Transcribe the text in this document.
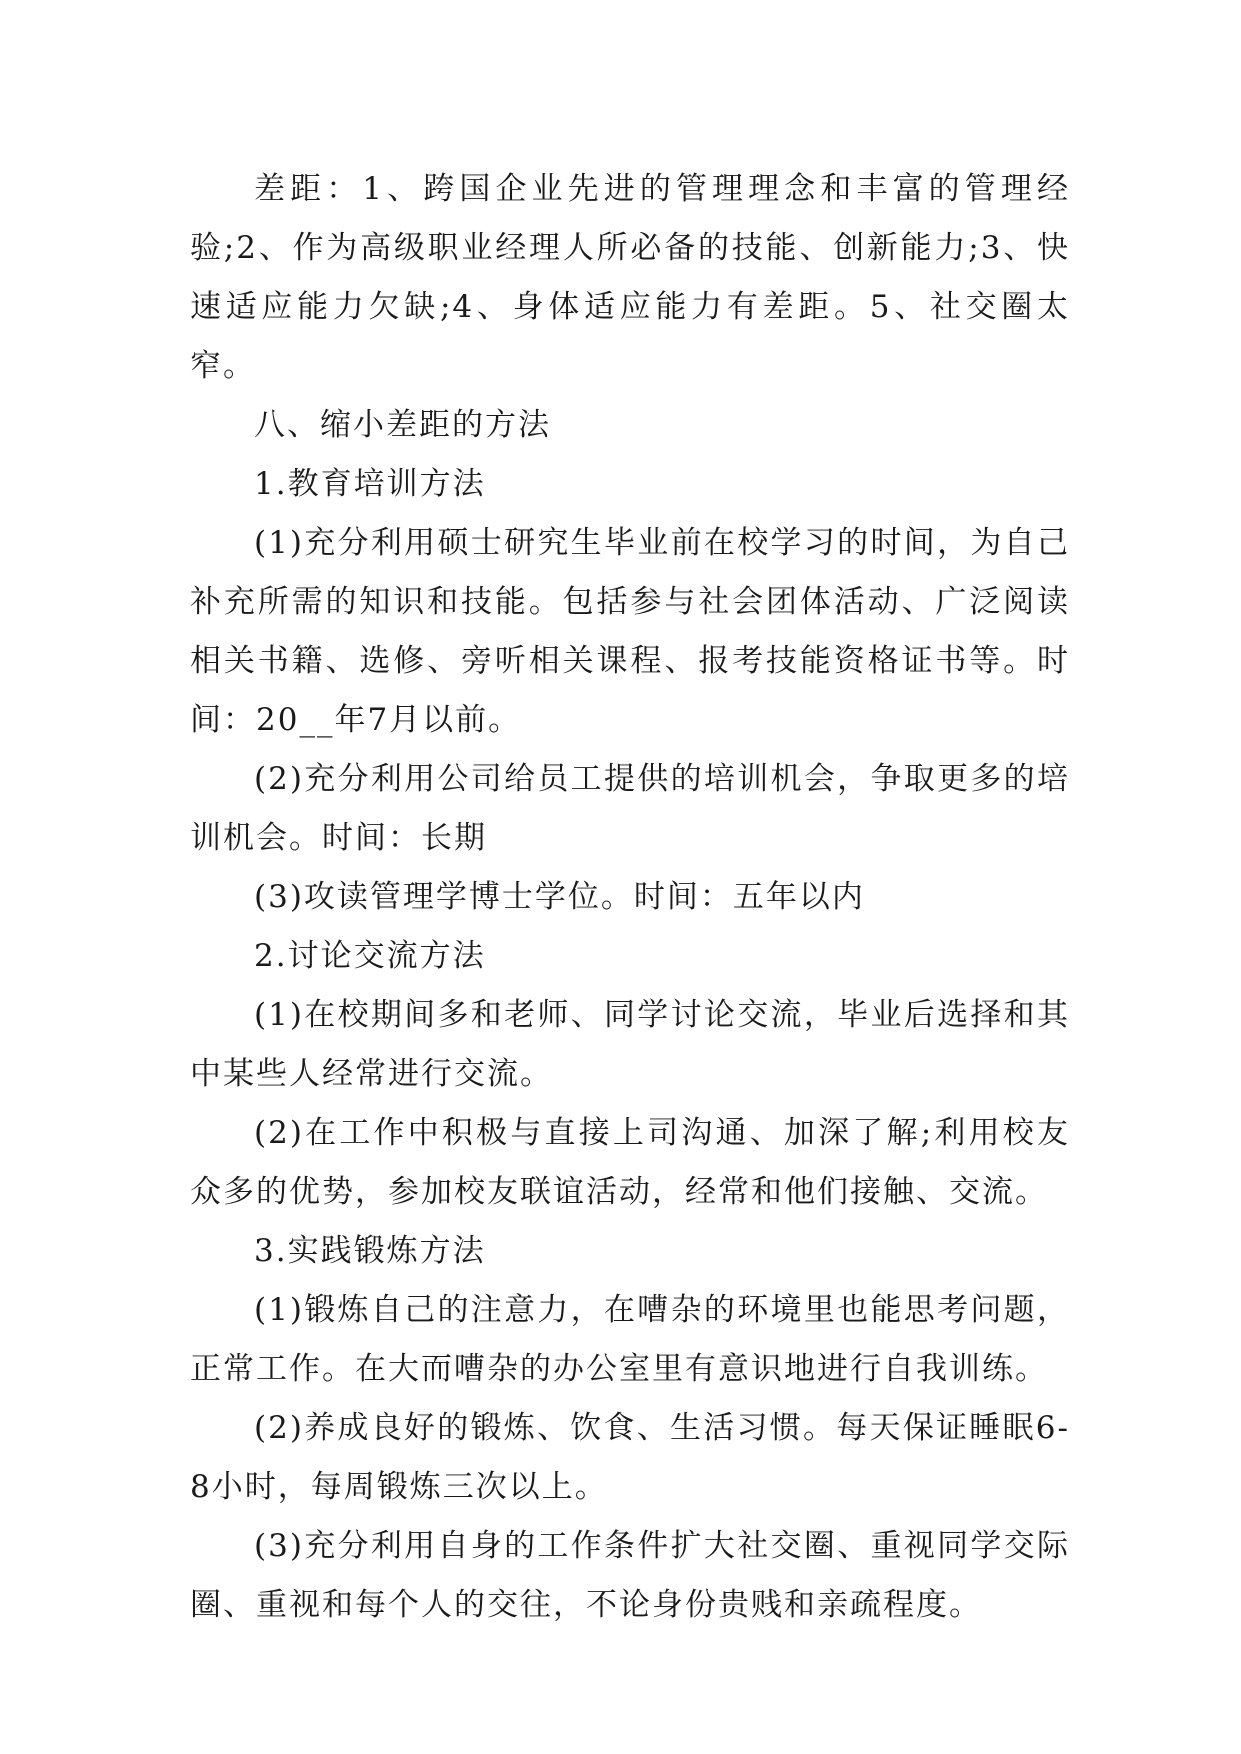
差距：1、跨国企业先进的管理理念和丰富的管理经验;2、作为高级职业经理人所必备的技能、创新能力;3、快速适应能力欠缺;4、身体适应能力有差距。5、社交圈太窄。

八、缩小差距的方法

1.教育培训方法

(1)充分利用硕士研究生毕业前在校学习的时间，为自己补充所需的知识和技能。包括参与社会团体活动、广泛阅读相关书籍、选修、旁听相关课程、报考技能资格证书等。时间：20__年7月以前。

(2)充分利用公司给员工提供的培训机会，争取更多的培训机会。时间：长期

(3)攻读管理学博士学位。时间：五年以内

2.讨论交流方法

(1)在校期间多和老师、同学讨论交流，毕业后选择和其中某些人经常进行交流。

(2)在工作中积极与直接上司沟通、加深了解;利用校友众多的优势，参加校友联谊活动，经常和他们接触、交流。

3.实践锻炼方法

(1)锻炼自己的注意力，在嘈杂的环境里也能思考问题，正常工作。在大而嘈杂的办公室里有意识地进行自我训练。

(2)养成良好的锻炼、饮食、生活习惯。每天保证睡眠6-8小时，每周锻炼三次以上。

(3)充分利用自身的工作条件扩大社交圈、重视同学交际圈、重视和每个人的交往，不论身份贵贱和亲疏程度。
